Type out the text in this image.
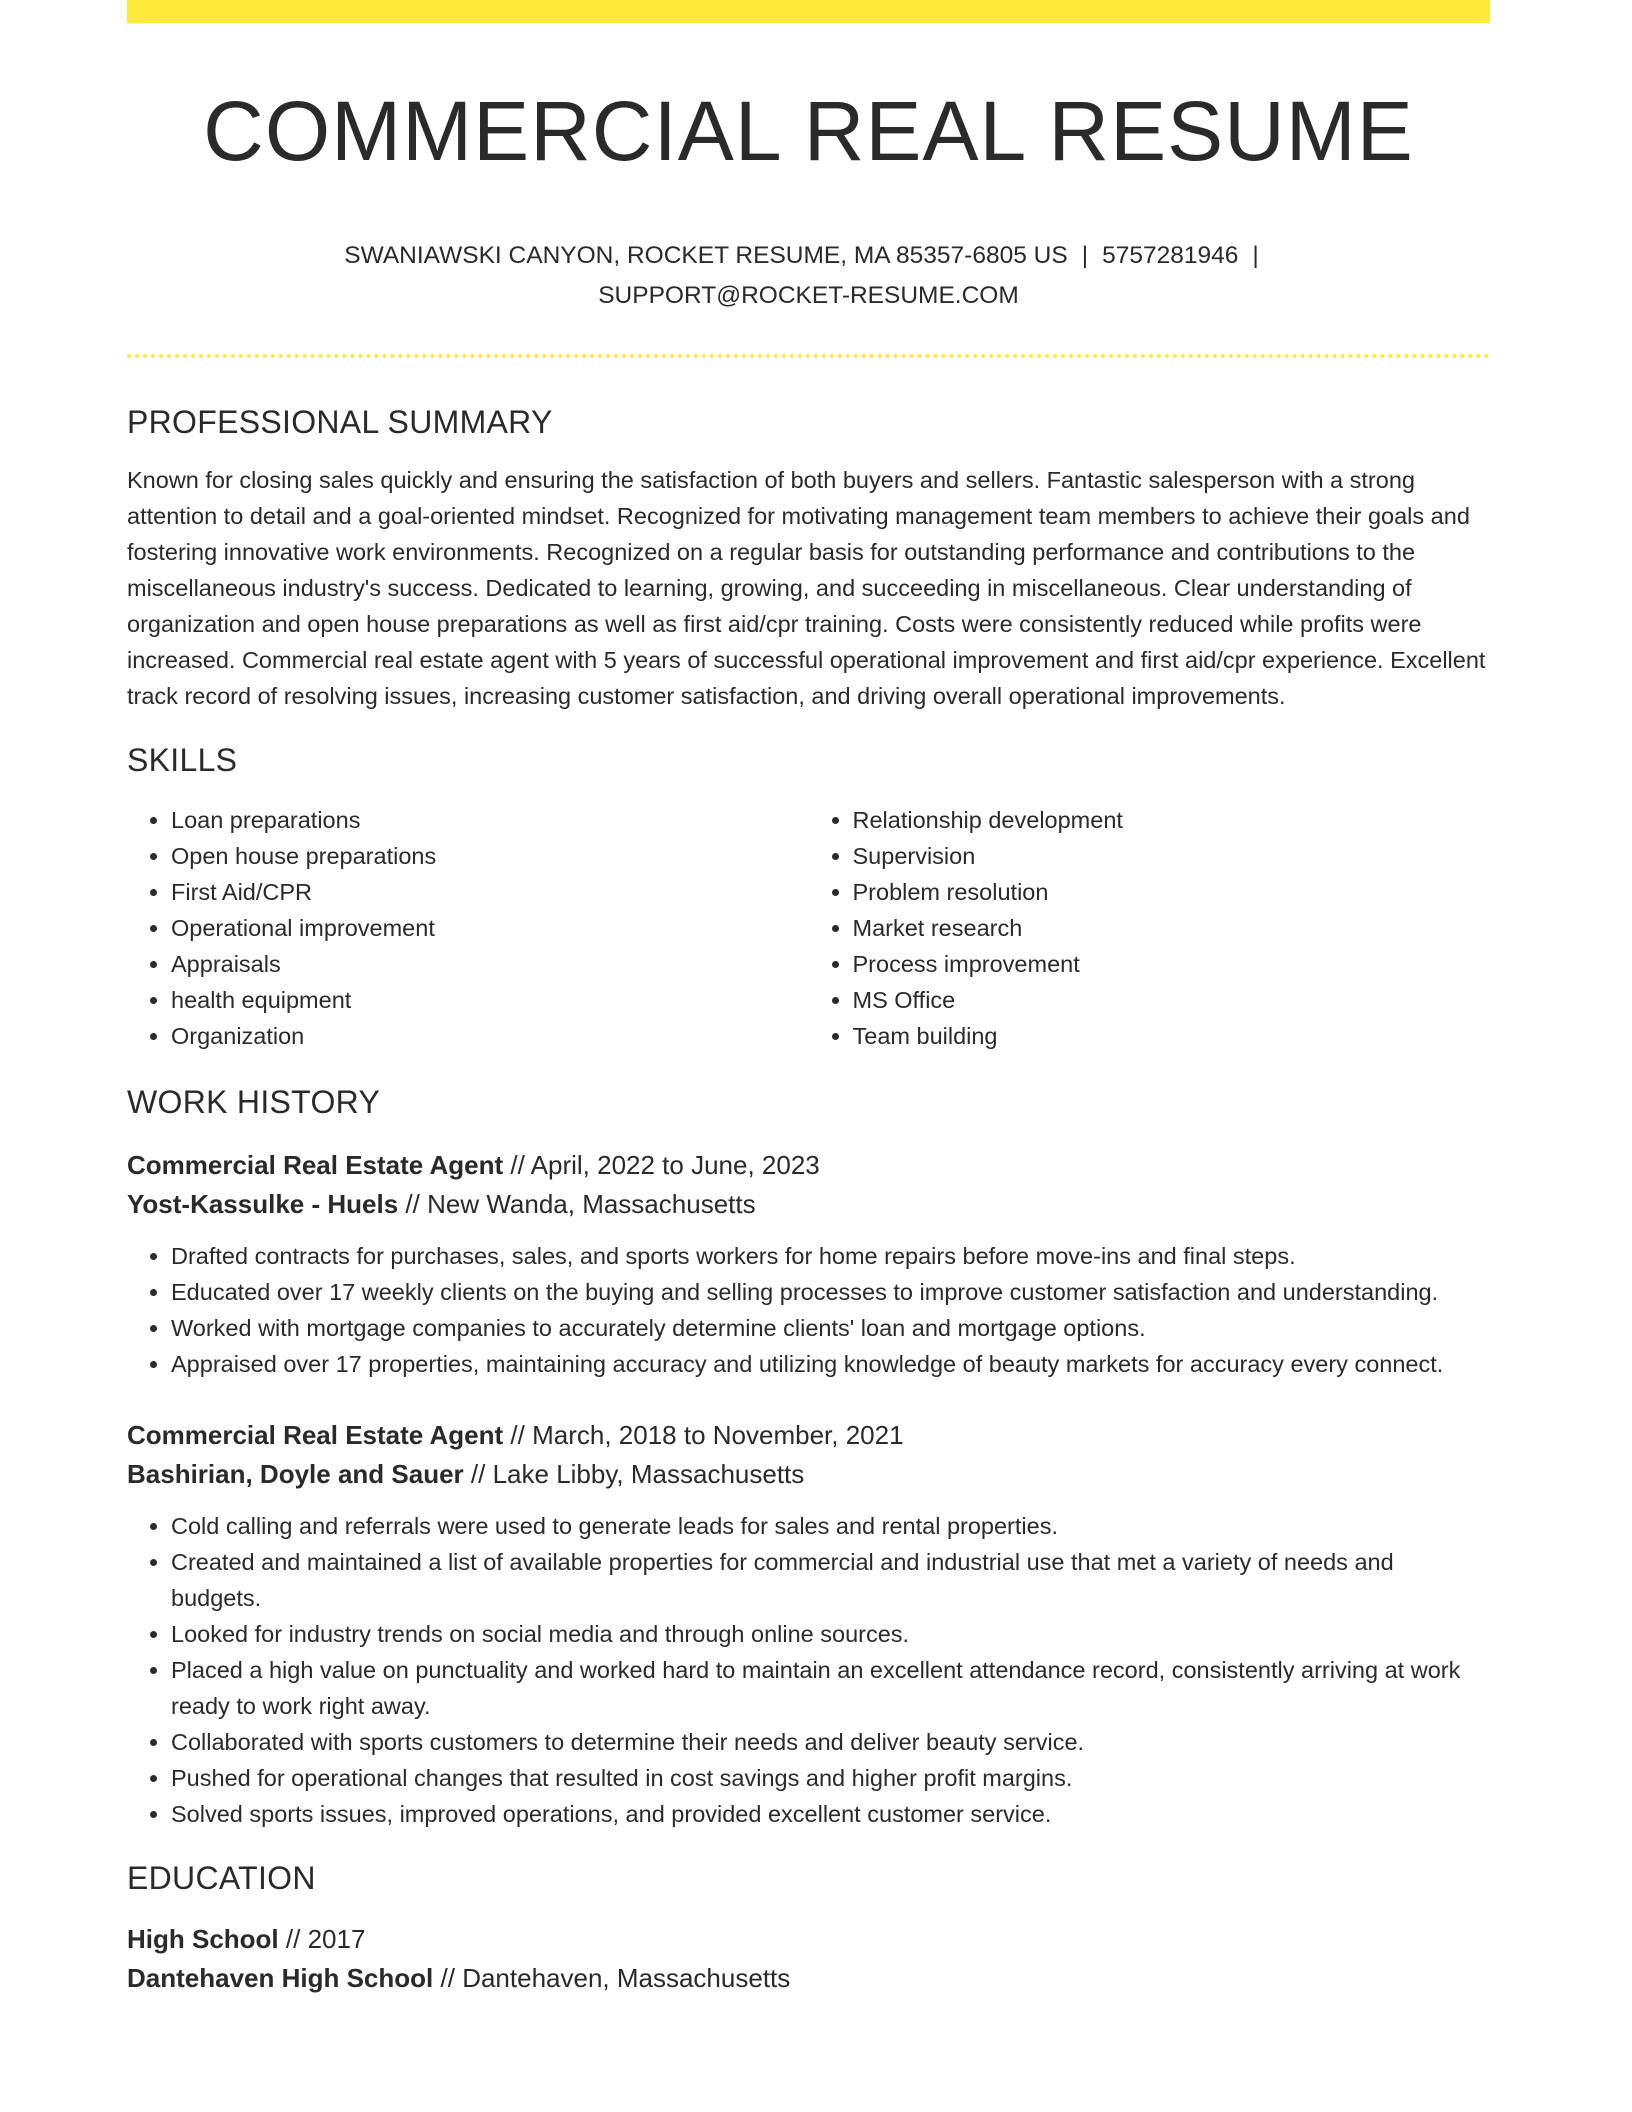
COMMERCIAL REAL RESUME
SWANIAWSKI CANYON, ROCKET RESUME, MA 85357-6805 US | 5757281946 |
SUPPORT@ROCKET-RESUME.COM
PROFESSIONAL SUMMARY

Known for closing sales quickly and ensuring the satisfaction of both buyers and sellers. Fantastic salesperson with a strong attention to detail and a goal-oriented mindset. Recognized for motivating management team members to achieve their goals and fostering innovative work environments. Recognized on a regular basis for outstanding performance and contributions to the miscellaneous industry's success. Dedicated to learning, growing, and succeeding in miscellaneous. Clear understanding of organization and open house preparations as well as first aid/cpr training. Costs were consistently reduced while profits were increased. Commercial real estate agent with 5 years of successful operational improvement and first aid/cpr experience. Excellent track record of resolving issues, increasing customer satisfaction, and driving overall operational improvements.

SKILLS
• Loan preparations
• Open house preparations
• First Aid/CPR
• Operational improvement
• Appraisals
• health equipment
• Organization
• Relationship development
• Supervision
• Problem resolution
• Market research
• Process improvement
• MS Office
• Team building
WORK HISTORY
Commercial Real Estate Agent // April, 2022 to June, 2023
Yost-Kassulke - Huels // New Wanda, Massachusetts
• Drafted contracts for purchases, sales, and sports workers for home repairs before move-ins and final steps.
• Educated over 17 weekly clients on the buying and selling processes to improve customer satisfaction and understanding.
• Worked with mortgage companies to accurately determine clients' loan and mortgage options.
• Appraised over 17 properties, maintaining accuracy and utilizing knowledge of beauty markets for accuracy every connect.
Commercial Real Estate Agent // March, 2018 to November, 2021
Bashirian, Doyle and Sauer // Lake Libby, Massachusetts
• Cold calling and referrals were used to generate leads for sales and rental properties.
• Created and maintained a list of available properties for commercial and industrial use that met a variety of needs and budgets.
• Looked for industry trends on social media and through online sources.
• Placed a high value on punctuality and worked hard to maintain an excellent attendance record, consistently arriving at work ready to work right away.
• Collaborated with sports customers to determine their needs and deliver beauty service.
• Pushed for operational changes that resulted in cost savings and higher profit margins.
• Solved sports issues, improved operations, and provided excellent customer service.
EDUCATION
High School // 2017
Dantehaven High School // Dantehaven, Massachusetts
